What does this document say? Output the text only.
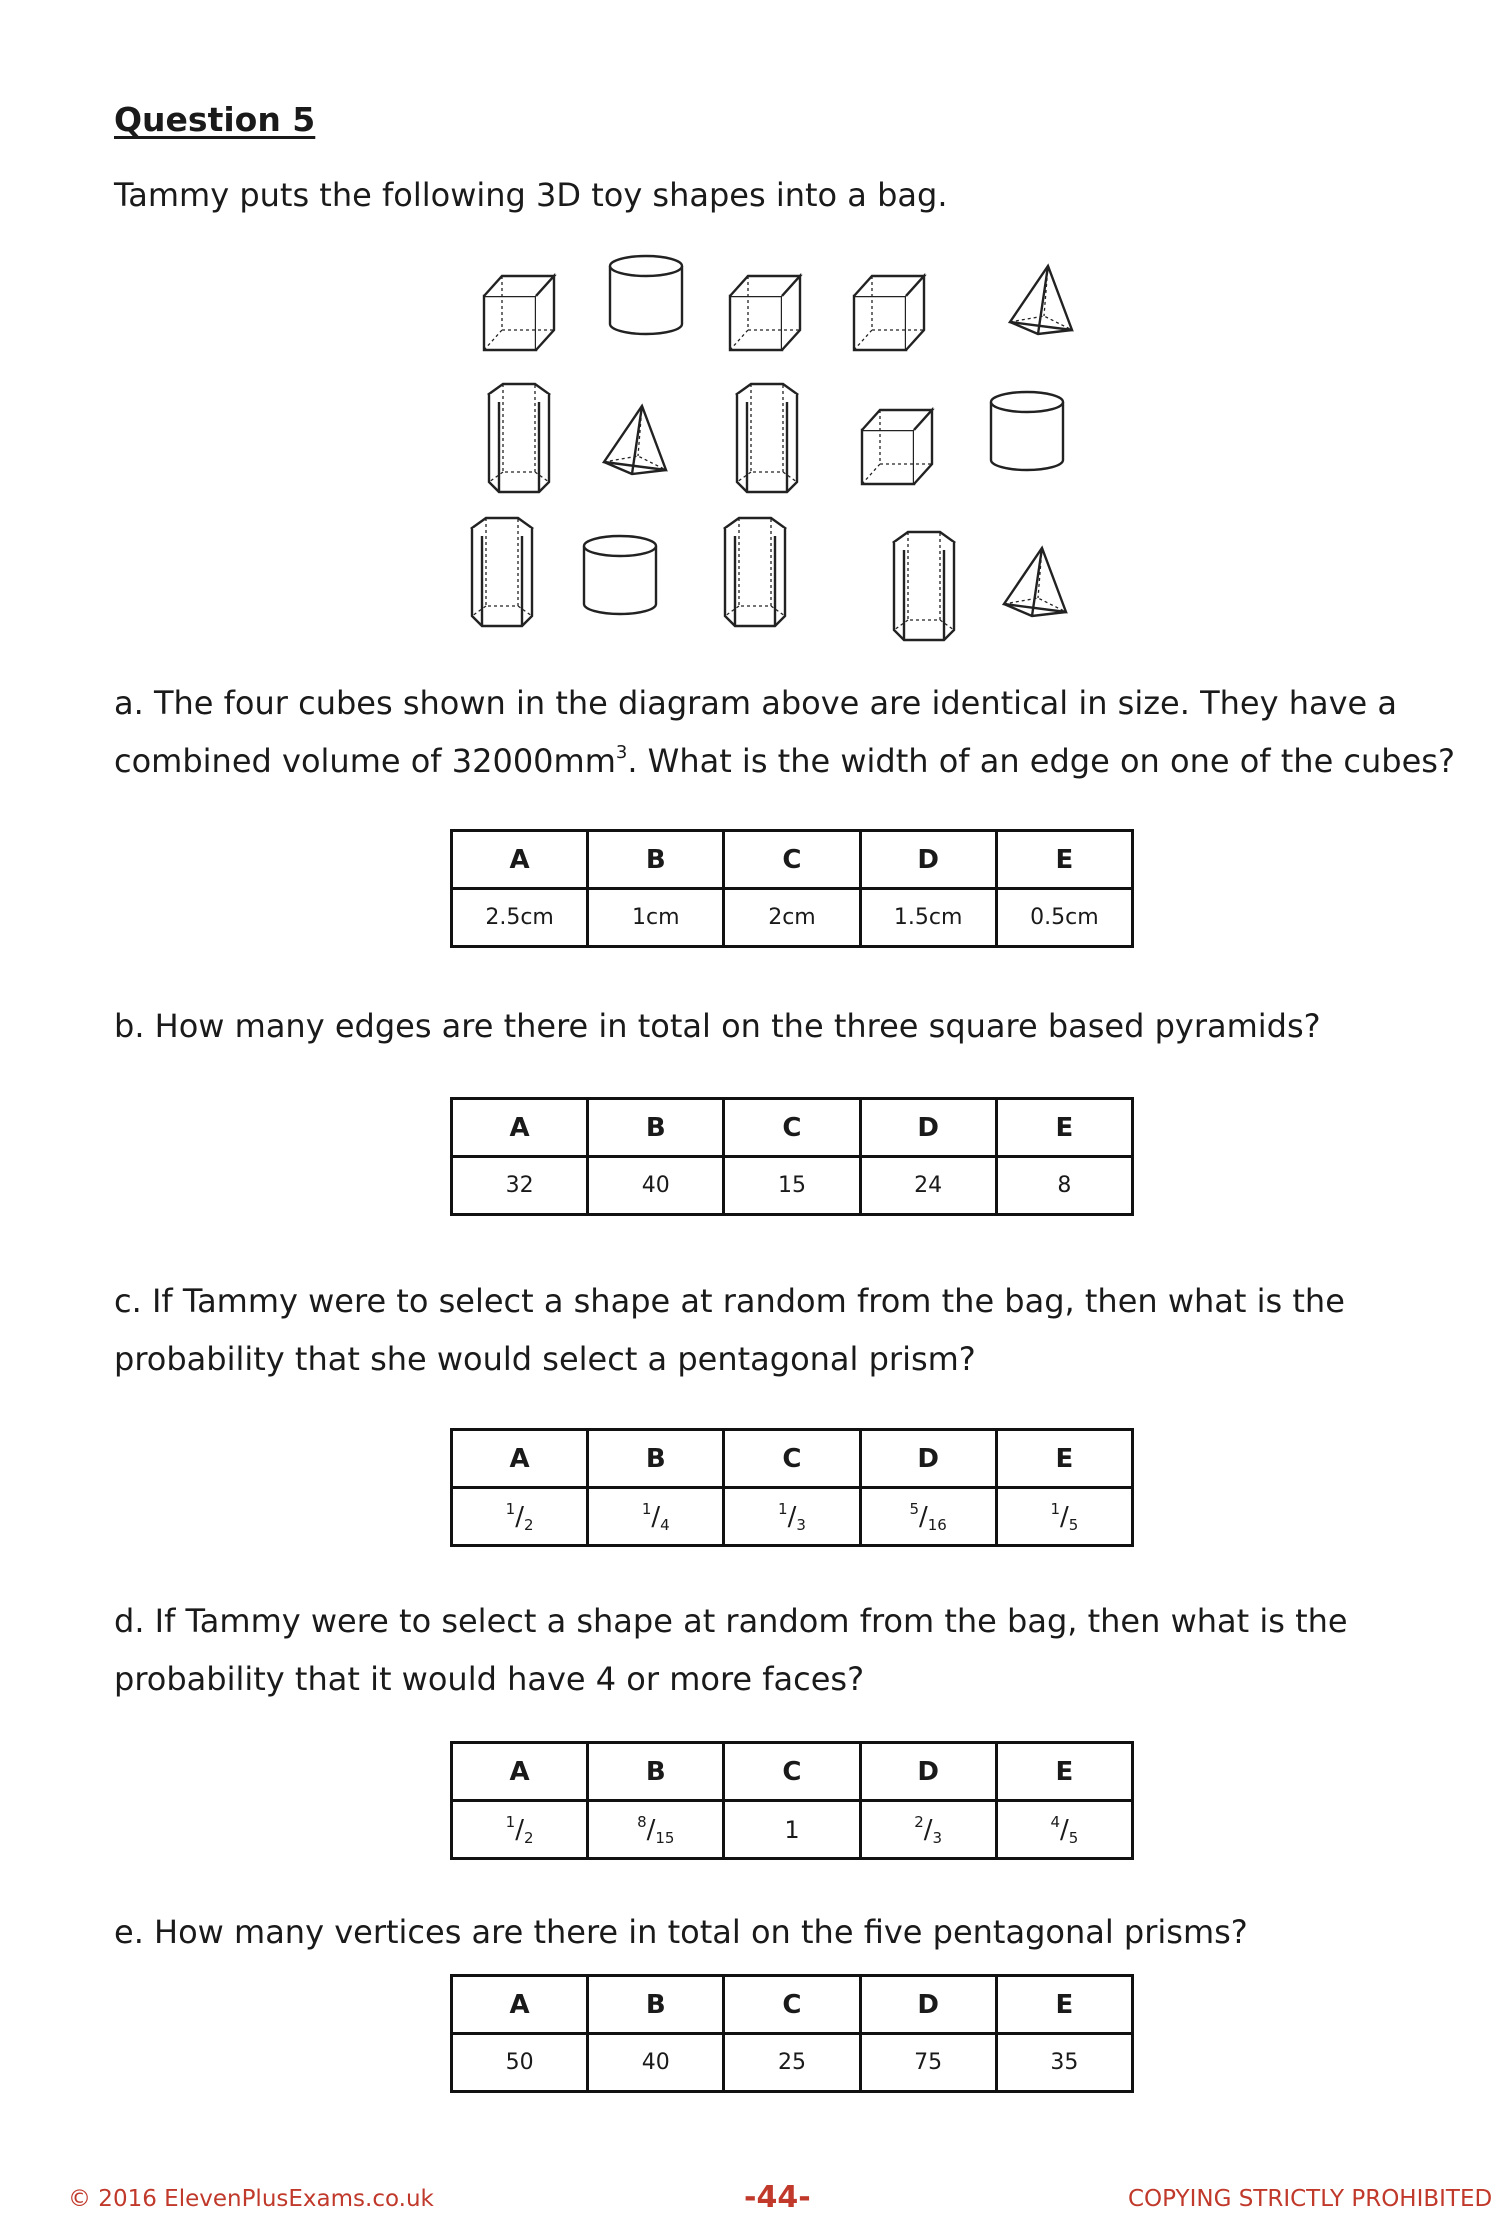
Question 5
Tammy puts the following 3D toy shapes into a bag.
a. The four cubes shown in the diagram above are identical in size. They have a
combined volume of $32000mm^3$. What is the width of an edge on one of the cubes?
A	B	C	D	E
2.5cm	1cm	2cm	1.5cm	0.5cm
b. How many edges are there in total on the three square based pyramids?
A	B	C	D	E
32	40	15	24	8
c. If Tammy were to select a shape at random from the bag, then what is the
probability that she would select a pentagonal prism?
A	B	C	D	E
$^1/_2$	$^1/_4$	$^1/_3$	$^5/_{16}$	$^1/_5$
d. If Tammy were to select a shape at random from the bag, then what is the
probability that it would have 4 or more faces?
A	B	C	D	E
$^1/_2$	$^8/_{15}$	1	$^2/_3$	$^4/_5$
e. How many vertices are there in total on the five pentagonal prisms?
A	B	C	D	E
50	40	25	75	35
© 2016 ElevenPlusExams.co.uk	-44-	COPYING STRICTLY PROHIBITED
